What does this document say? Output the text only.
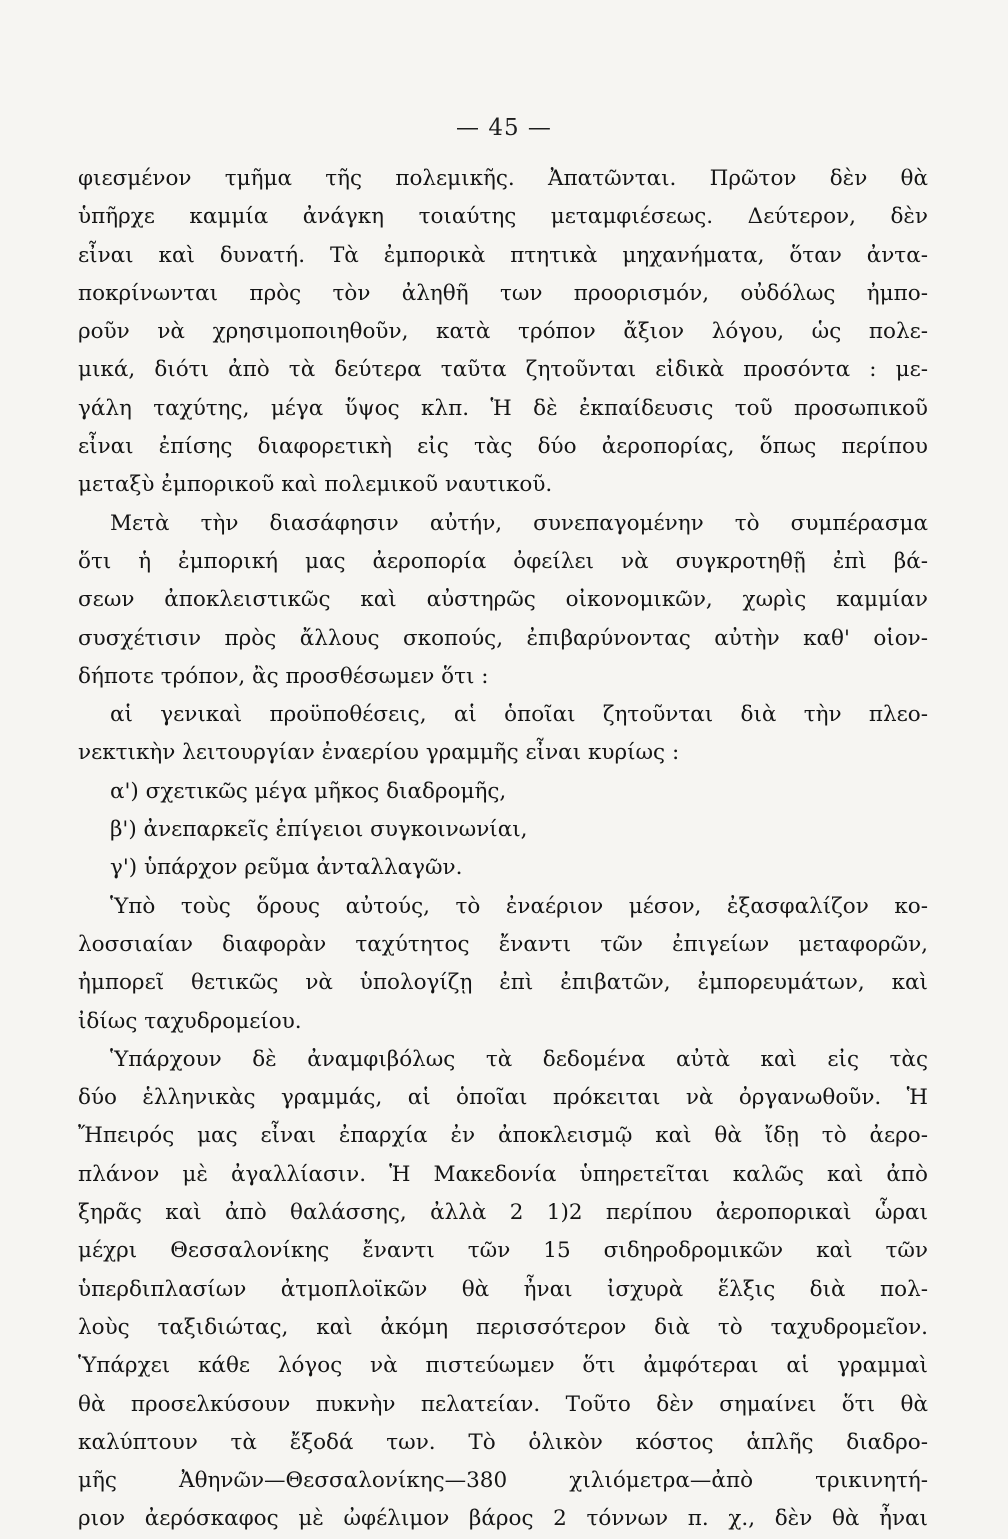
— 45 —
φιεσμένον τμῆμα τῆς πολεμικῆς. Ἀπατῶνται. Πρῶτον δὲν θὰ
ὑπῆρχε καμμία ἀνάγκη τοιαύτης μεταμφιέσεως. Δεύτερον, δὲν
εἶναι καὶ δυνατή. Τὰ ἐμπορικὰ πτητικὰ μηχανήματα, ὅταν ἀντα-
ποκρίνωνται πρὸς τὸν ἀληθῆ των προορισμόν, οὐδόλως ἠμπο-
ροῦν νὰ χρησιμοποιηθοῦν, κατὰ τρόπον ἄξιον λόγου, ὡς πολε-
μικά, διότι ἀπὸ τὰ δεύτερα ταῦτα ζητοῦνται εἰδικὰ προσόντα : με-
γάλη ταχύτης, μέγα ὕψος κλπ. Ἡ δὲ ἐκπαίδευσις τοῦ προσωπικοῦ
εἶναι ἐπίσης διαφορετικὴ εἰς τὰς δύο ἀεροπορίας, ὅπως περίπου
μεταξὺ ἐμπορικοῦ καὶ πολεμικοῦ ναυτικοῦ.
Μετὰ τὴν διασάφησιν αὐτήν, συνεπαγομένην τὸ συμπέρασμα
ὅτι ἡ ἐμπορική μας ἀεροπορία ὀφείλει νὰ συγκροτηθῇ ἐπὶ βά-
σεων ἀποκλειστικῶς καὶ αὐστηρῶς οἰκονομικῶν, χωρὶς καμμίαν
συσχέτισιν πρὸς ἄλλους σκοπούς, ἐπιβαρύνοντας αὐτὴν καθ' οἱον-
δήποτε τρόπον, ἂς προσθέσωμεν ὅτι :
αἱ γενικαὶ προϋποθέσεις, αἱ ὁποῖαι ζητοῦνται διὰ τὴν πλεο-
νεκτικὴν λειτουργίαν ἐναερίου γραμμῆς εἶναι κυρίως :
α') σχετικῶς μέγα μῆκος διαδρομῆς,
β') ἀνεπαρκεῖς ἐπίγειοι συγκοινωνίαι,
γ') ὑπάρχον ρεῦμα ἀνταλλαγῶν.
Ὑπὸ τοὺς ὅρους αὐτούς, τὸ ἐναέριον μέσον, ἐξασφαλίζον κο-
λοσσιαίαν διαφορὰν ταχύτητος ἔναντι τῶν ἐπιγείων μεταφορῶν,
ἠμπορεῖ θετικῶς νὰ ὑπολογίζῃ ἐπὶ ἐπιβατῶν, ἐμπορευμάτων, καὶ
ἰδίως ταχυδρομείου.
Ὑπάρχουν δὲ ἀναμφιβόλως τὰ δεδομένα αὐτὰ καὶ εἰς τὰς
δύο ἑλληνικὰς γραμμάς, αἱ ὁποῖαι πρόκειται νὰ ὀργανωθοῦν. Ἡ
Ἤπειρός μας εἶναι ἐπαρχία ἐν ἀποκλεισμῷ καὶ θὰ ἴδῃ τὸ ἀερο-
πλάνον μὲ ἀγαλλίασιν. Ἡ Μακεδονία ὑπηρετεῖται καλῶς καὶ ἀπὸ
ξηρᾶς καὶ ἀπὸ θαλάσσης, ἀλλὰ 2 1)2 περίπου ἀεροπορικαὶ ὧραι
μέχρι Θεσσαλονίκης ἔναντι τῶν 15 σιδηροδρομικῶν καὶ τῶν
ὑπερδιπλασίων ἀτμοπλοϊκῶν θὰ ἦναι ἰσχυρὰ ἕλξις διὰ πολ-
λοὺς ταξιδιώτας, καὶ ἀκόμη περισσότερον διὰ τὸ ταχυδρομεῖον.
Ὑπάρχει κάθε λόγος νὰ πιστεύωμεν ὅτι ἀμφότεραι αἱ γραμμαὶ
θὰ προσελκύσουν πυκνὴν πελατείαν. Τοῦτο δὲν σημαίνει ὅτι θὰ
καλύπτουν τὰ ἔξοδά των. Τὸ ὁλικὸν κόστος ἁπλῆς διαδρο-
μῆς Ἀθηνῶν—Θεσσαλονίκης—380 χιλιόμετρα—ἀπὸ τρικινητή-
ριον ἀερόσκαφος μὲ ὠφέλιμον βάρος 2 τόννων π. χ., δὲν θὰ ἦναι
